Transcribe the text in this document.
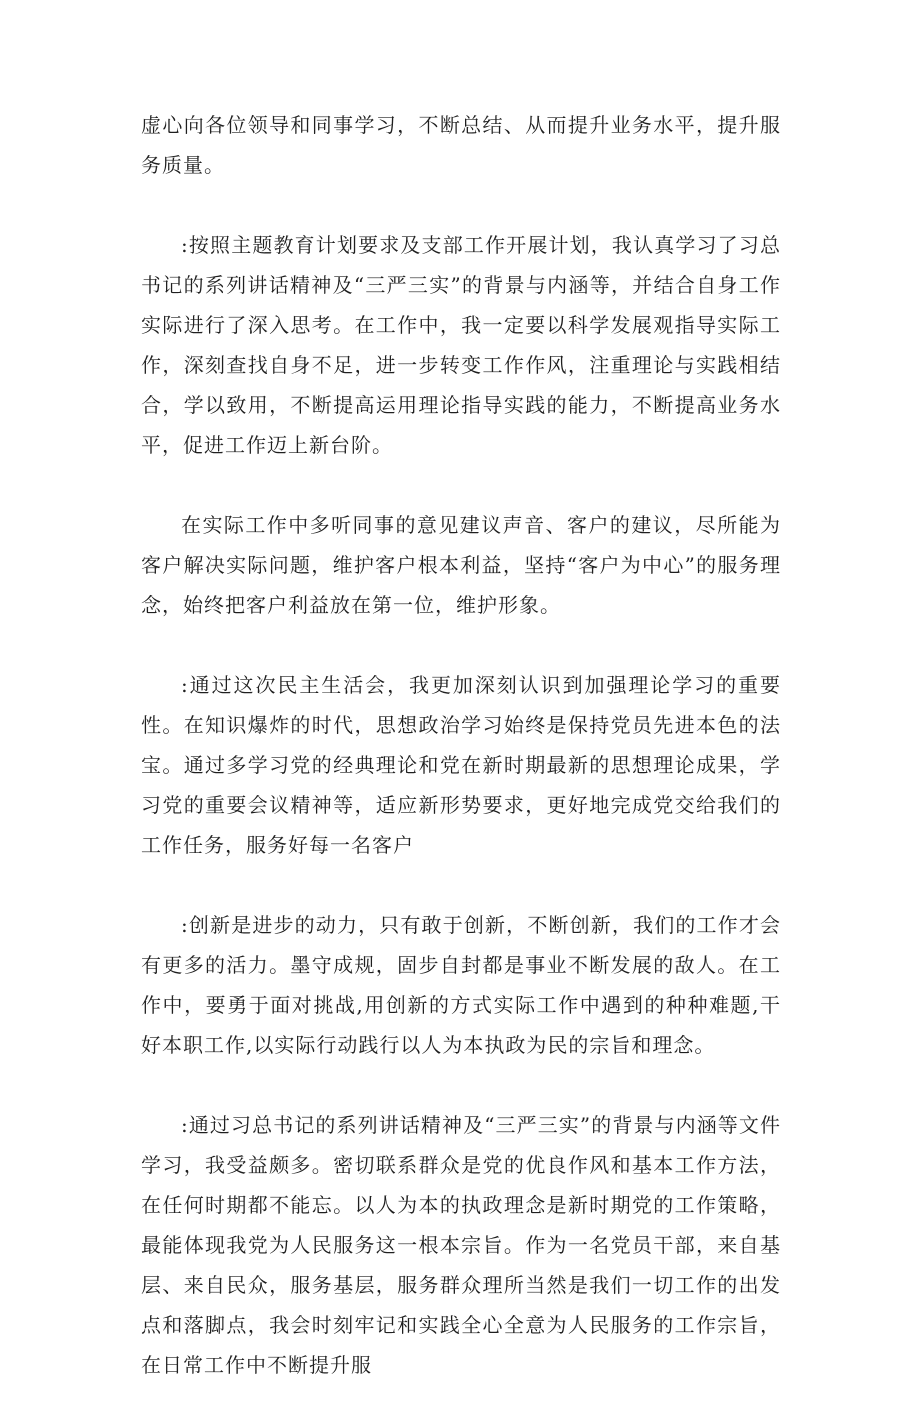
虚心向各位领导和同事学习，不断总结、从而提升业务水平，提升服务质量。

:按照主题教育计划要求及支部工作开展计划，我认真学习了习总书记的系列讲话精神及“三严三实”的背景与内涵等，并结合自身工作实际进行了深入思考。在工作中，我一定要以科学发展观指导实际工作，深刻查找自身不足，进一步转变工作作风，注重理论与实践相结合，学以致用，不断提高运用理论指导实践的能力，不断提高业务水平，促进工作迈上新台阶。

在实际工作中多听同事的意见建议声音、客户的建议，尽所能为客户解决实际问题，维护客户根本利益，坚持“客户为中心”的服务理念，始终把客户利益放在第一位，维护形象。

:通过这次民主生活会，我更加深刻认识到加强理论学习的重要性。在知识爆炸的时代，思想政治学习始终是保持党员先进本色的法宝。通过多学习党的经典理论和党在新时期最新的思想理论成果，学习党的重要会议精神等，适应新形势要求，更好地完成党交给我们的工作任务，服务好每一名客户

:创新是进步的动力，只有敢于创新，不断创新，我们的工作才会有更多的活力。墨守成规，固步自封都是事业不断发展的敌人。在工作中，要勇于面对挑战,用创新的方式实际工作中遇到的种种难题,干好本职工作,以实际行动践行以人为本执政为民的宗旨和理念。

:通过习总书记的系列讲话精神及“三严三实”的背景与内涵等文件学习，我受益颇多。密切联系群众是党的优良作风和基本工作方法，在任何时期都不能忘。以人为本的执政理念是新时期党的工作策略，最能体现我党为人民服务这一根本宗旨。作为一名党员干部，来自基层、来自民众，服务基层，服务群众理所当然是我们一切工作的出发点和落脚点，我会时刻牢记和实践全心全意为人民服务的工作宗旨，在日常工作中不断提升服
